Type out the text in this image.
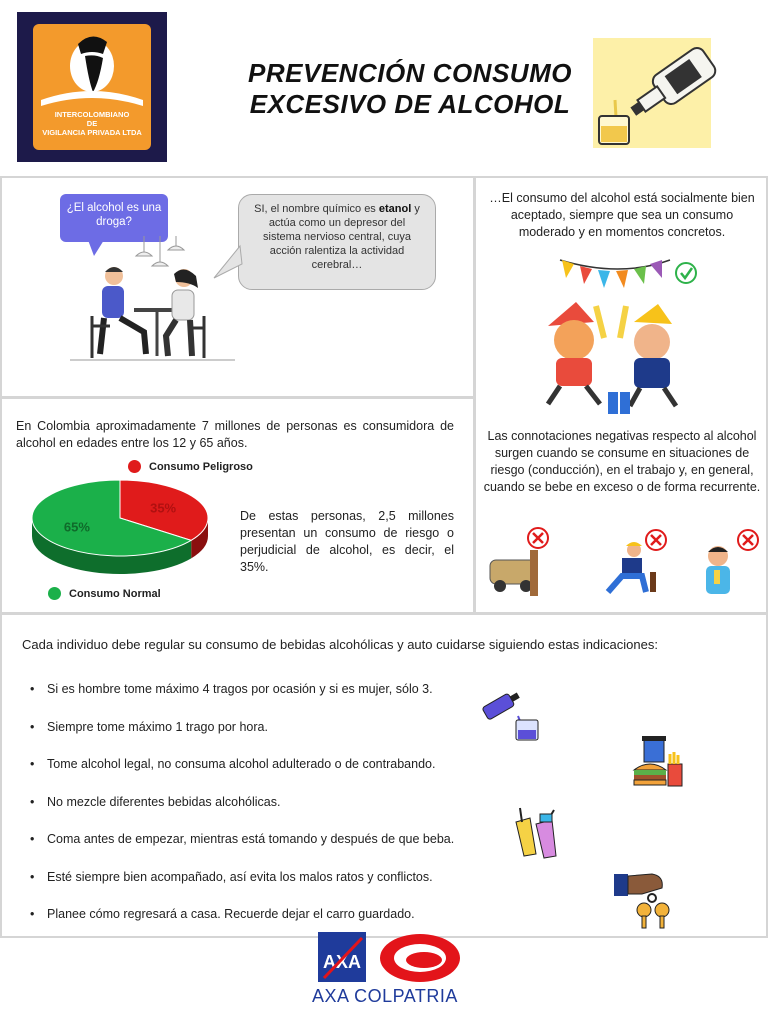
INTERCOLOMBIANO
DE
VIGILANCIA PRIVADA LTDA
PREVENCIÓN CONSUMO
EXCESIVO DE ALCOHOL
¿El alcohol es una droga?
SI, el nombre químico es etanol y actúa como un depresor del sistema nervioso central, cuya acción ralentiza la actividad cerebral…
…El consumo del alcohol está socialmente bien aceptado, siempre que sea un consumo moderado y en momentos concretos.
Las connotaciones negativas respecto al alcohol surgen cuando se consume en situaciones de riesgo (conducción), en el trabajo y, en general, cuando se bebe en exceso o de forma recurrente.
En Colombia aproximadamente 7 millones de personas es consumidora de alcohol en edades entre los 12 y 65 años.
Consumo Peligroso
Consumo Normal
35%
65%
De estas personas, 2,5 millones presentan un consumo de riesgo o perjudicial de alcohol, es decir, el 35%.
Cada individuo debe regular su consumo de bebidas alcohólicas y auto cuidarse siguiendo estas indicaciones:
•	Si es hombre tome máximo 4 tragos por ocasión y si es mujer, sólo 3.
•	Siempre tome máximo 1 trago por hora.
•	Tome alcohol legal, no consuma alcohol adulterado o de contrabando.
•	No mezcle diferentes bebidas alcohólicas.
•	Coma antes de empezar, mientras está tomando y después de que beba.
•	Esté siempre bien acompañado, así evita los malos ratos y conflictos.
•	Planee cómo regresará a casa. Recuerde dejar el carro guardado.
AXA
AXA COLPATRIA
